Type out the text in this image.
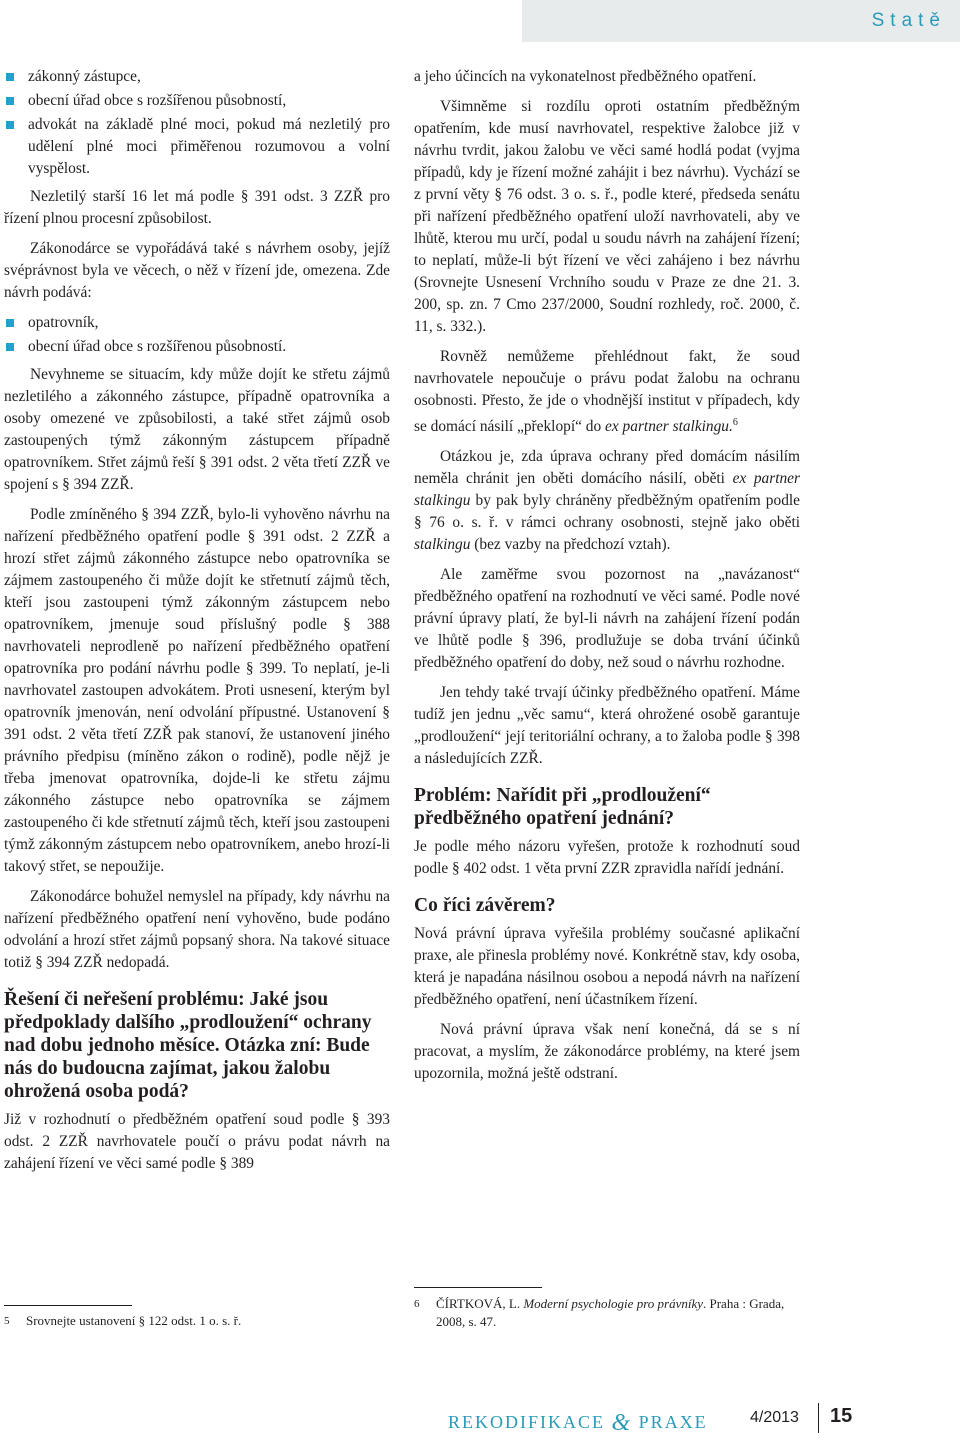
Statě
zákonný zástupce,
obecní úřad obce s rozšířenou působností,
advokát na základě plné moci, pokud má nezletilý pro udělení plné moci přiměřenou rozumovou a volní vyspělost.

Nezletilý starší 16 let má podle § 391 odst. 3 ZZŘ pro řízení plnou procesní způsobilost.

Zákonodárce se vypořádává také s návrhem osoby, jejíž svéprávnost byla ve věcech, o něž v řízení jde, omezena. Zde návrh podává:

opatrovník,
obecní úřad obce s rozšířenou působností.

Nevyhneme se situacím, kdy může dojít ke střetu zájmů nezletilého a zákonného zástupce, případně opatrovníka a osoby omezené ve způsobilosti, a také střet zájmů osob zastoupených týmž zákonným zástupcem případně opatrovníkem. Střet zájmů řeší § 391 odst. 2 věta třetí ZZŘ ve spojení s § 394 ZZŘ.

Podle zmíněného § 394 ZZŘ, bylo-li vyhověno návrhu na nařízení předběžného opatření podle § 391 odst. 2 ZZŘ a hrozí střet zájmů zákonného zástupce nebo opatrovníka se zájmem zastoupeného či může dojít ke střetnutí zájmů těch, kteří jsou zastoupeni týmž zákonným zástupcem nebo opatrovníkem, jmenuje soud příslušný podle § 388 navrhovateli neprodleně po nařízení předběžného opatření opatrovníka pro podání návrhu podle § 399. To neplatí, je-li navrhovatel zastoupen advokátem. Proti usnesení, kterým byl opatrovník jmenován, není odvolání přípustné. Ustanovení § 391 odst. 2 věta třetí ZZŘ pak stanoví, že ustanovení jiného právního předpisu (míněno zákon o rodině), podle nějž je třeba jmenovat opatrovníka, dojde-li ke střetu zájmu zákonného zástupce nebo opatrovníka se zájmem zastoupeného či kde střetnutí zájmů těch, kteří jsou zastoupeni týmž zákonným zástupcem nebo opatrovníkem, anebo hrozí-li takový střet, se nepoužije.

Zákonodárce bohužel nemyslel na případy, kdy návrhu na nařízení předběžného opatření není vyhověno, bude podáno odvolání a hrozí střet zájmů popsaný shora. Na takové situace totiž § 394 ZZŘ nedopadá.

Řešení či neřešení problému: Jaké jsou předpoklady dalšího „prodloužení“ ochrany nad dobu jednoho měsíce. Otázka zní: Bude nás do budoucna zajímat, jakou žalobu ohrožená osoba podá?

Již v rozhodnutí o předběžném opatření soud podle § 393 odst. 2 ZZŘ navrhovatele poučí o právu podat návrh na zahájení řízení ve věci samé podle § 389

a jeho účincích na vykonatelnost předběžného opatření.

Všimněme si rozdílu oproti ostatním předběžným opatřením, kde musí navrhovatel, respektive žalobce již v návrhu tvrdit, jakou žalobu ve věci samé hodlá podat (vyjma případů, kdy je řízení možné zahájit i bez návrhu). Vychází se z první věty § 76 odst. 3 o. s. ř., podle které, předseda senátu při nařízení předběžného opatření uloží navrhovateli, aby ve lhůtě, kterou mu určí, podal u soudu návrh na zahájení řízení; to neplatí, může-li být řízení ve věci zahájeno i bez návrhu (Srovnejte Usnesení Vrchního soudu v Praze ze dne 21. 3. 200, sp. zn. 7 Cmo 237/2000, Soudní rozhledy, roč. 2000, č. 11, s. 332.).

Rovněž nemůžeme přehlédnout fakt, že soud navrhovatele nepoučuje o právu podat žalobu na ochranu osobnosti. Přesto, že jde o vhodnější institut v případech, kdy se domácí násilí „překlopí“ do ex partner stalkingu.$^6$

Otázkou je, zda úprava ochrany před domácím násilím neměla chránit jen oběti domácího násilí, oběti ex partner stalkingu by pak byly chráněny předběžným opatřením podle § 76 o. s. ř. v rámci ochrany osobnosti, stejně jako oběti stalkingu (bez vazby na předchozí vztah).

Ale zaměřme svou pozornost na „navázanost“ předběžného opatření na rozhodnutí ve věci samé. Podle nové právní úpravy platí, že byl-li návrh na zahájení řízení podán ve lhůtě podle § 396, prodlužuje se doba trvání účinků předběžného opatření do doby, než soud o návrhu rozhodne.

Jen tehdy také trvají účinky předběžného opatření. Máme tudíž jen jednu „věc samu“, která ohrožené osobě garantuje „prodloužení“ její teritoriální ochrany, a to žaloba podle § 398 a následujících ZZŘ.

Problém: Nařídit při „prodloužení“ předběžného opatření jednání?

Je podle mého názoru vyřešen, protože k rozhodnutí soud podle § 402 odst. 1 věta první ZZR zpravidla nařídí jednání.

Co říci závěrem?

Nová právní úprava vyřešila problémy současné aplikační praxe, ale přinesla problémy nové. Konkrétně stav, kdy osoba, která je napadána násilnou osobou a nepodá návrh na nařízení předběžného opatření, není účastníkem řízení.

Nová právní úprava však není konečná, dá se s ní pracovat, a myslím, že zákonodárce problémy, na které jsem upozornila, možná ještě odstraní.

5	Srovnejte ustanovení § 122 odst. 1 o. s. ř.
6	ČÍRTKOVÁ, L. Moderní psychologie pro právníky. Praha : Grada, 2008, s. 47.
REKODIFIKACE & PRAXE	4/2013 15
